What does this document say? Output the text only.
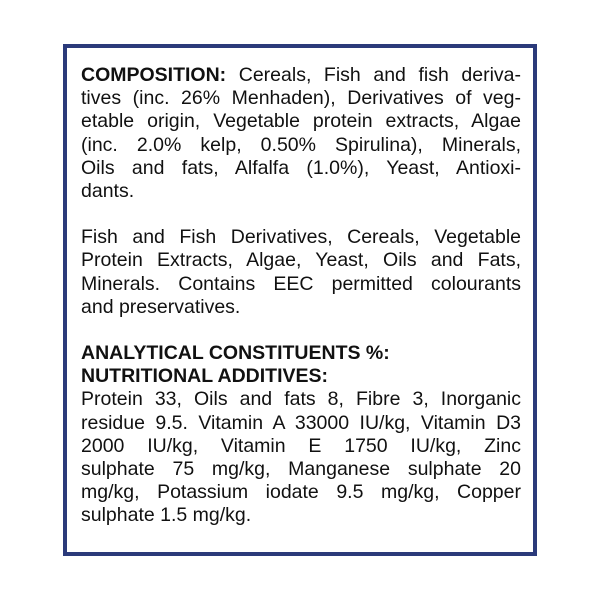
COMPOSITION: Cereals, Fish and fish deriva-
tives (inc. 26% Menhaden), Derivatives of veg-
etable origin, Vegetable protein extracts, Algae
(inc. 2.0% kelp, 0.50% Spirulina), Minerals,
Oils and fats, Alfalfa (1.0%), Yeast, Antioxi-
dants.
Fish and Fish Derivatives, Cereals, Vegetable
Protein Extracts, Algae, Yeast, Oils and Fats,
Minerals. Contains EEC permitted colourants
and preservatives.
ANALYTICAL CONSTITUENTS %:
NUTRITIONAL ADDITIVES:
Protein 33, Oils and fats 8, Fibre 3, Inorganic
residue 9.5. Vitamin A 33000 IU/kg, Vitamin D3
2000 IU/kg, Vitamin E 1750 IU/kg, Zinc
sulphate 75 mg/kg, Manganese sulphate 20
mg/kg, Potassium iodate 9.5 mg/kg, Copper
sulphate 1.5 mg/kg.
